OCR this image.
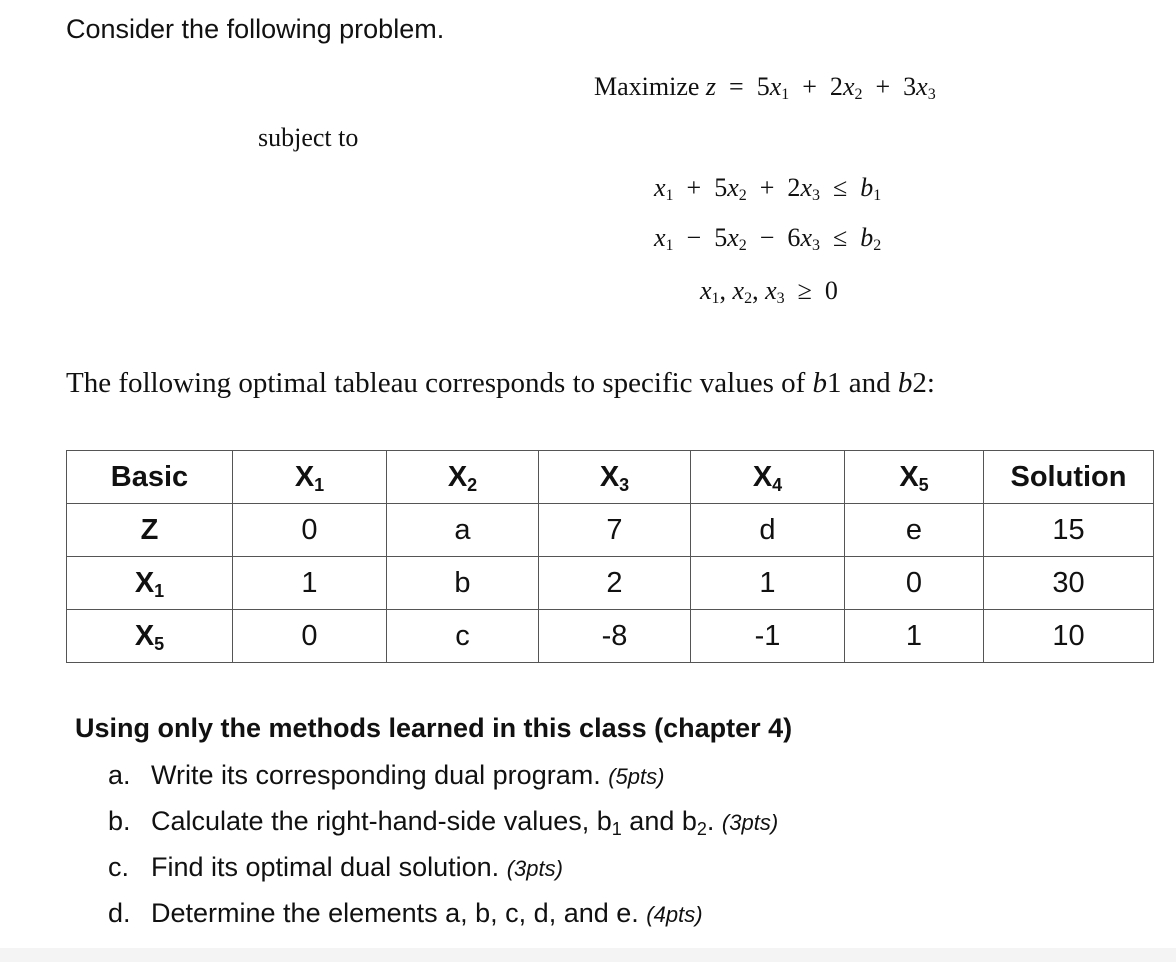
Consider the following problem.
Maximize $z = 5x_1 + 2x_2 + 3x_3$
subject to
$x_1 + 5x_2 + 2x_3 \le b_1$
$x_1 - 5x_2 - 6x_3 \le b_2$
$x_1$, $x_2$, $x_3 \ge 0$
The following optimal tableau corresponds to specific values of b1 and b2:
Basic	$X_1$	$X_2$	$X_3$	$X_4$	$X_5$	Solution
Z	0	a	7	d	e	15
$X_1$	1	b	2	1	0	30
$X_5$	0	c	-8	-1	1	10
Using only the methods learned in this class (chapter 4)
a. Write its corresponding dual program. (5pts)
b. Calculate the right-hand-side values, $b_1$ and $b_2$. (3pts)
c. Find its optimal dual solution. (3pts)
d. Determine the elements a, b, c, d, and e. (4pts)
